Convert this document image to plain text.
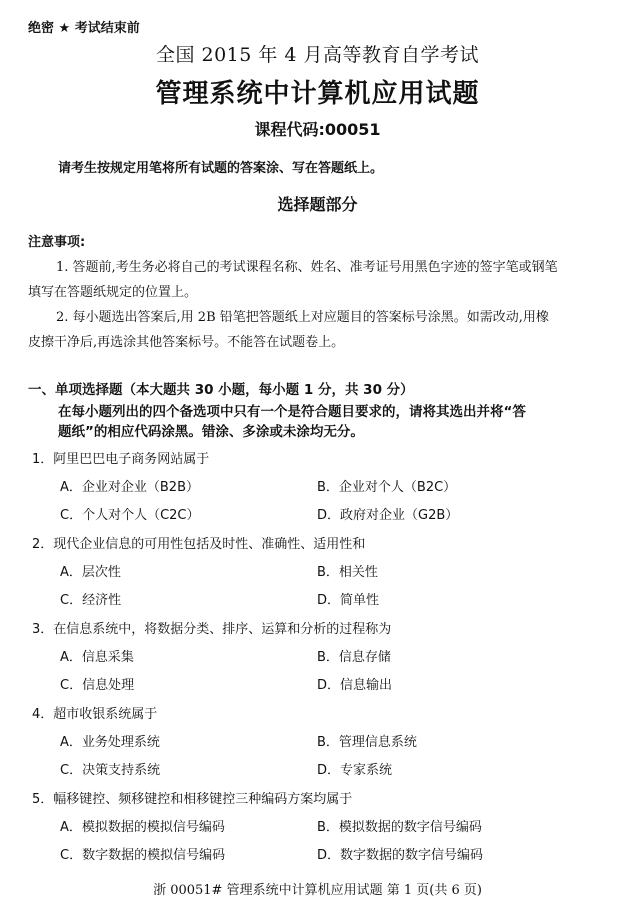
绝密 ★ 考试结束前
全国 2015 年 4 月高等教育自学考试
管理系统中计算机应用试题
课程代码:00051
请考生按规定用笔将所有试题的答案涂、写在答题纸上。
选择题部分
注意事项:
1. 答题前,考生务必将自己的考试课程名称、姓名、准考证号用黑色字迹的签字笔或钢笔
填写在答题纸规定的位置上。
2. 每小题选出答案后,用 2B 铅笔把答题纸上对应题目的答案标号涂黑。如需改动,用橡
皮擦干净后,再选涂其他答案标号。不能答在试题卷上。
一、单项选择题（本大题共 30 小题，每小题 1 分，共 30 分）
在每小题列出的四个备选项中只有一个是符合题目要求的，请将其选出并将“答
题纸”的相应代码涂黑。错涂、多涂或未涂均无分。
1．阿里巴巴电子商务网站属于
A．企业对企业（B2B）	B．企业对个人（B2C）
C．个人对个人（C2C）	D．政府对企业（G2B）
2．现代企业信息的可用性包括及时性、准确性、适用性和
A．层次性	B．相关性
C．经济性	D．简单性
3．在信息系统中，将数据分类、排序、运算和分析的过程称为
A．信息采集	B．信息存储
C．信息处理	D．信息输出
4．超市收银系统属于
A．业务处理系统	B．管理信息系统
C．决策支持系统	D．专家系统
5．幅移键控、频移键控和相移键控三种编码方案均属于
A．模拟数据的模拟信号编码	B．模拟数据的数字信号编码
C．数字数据的模拟信号编码	D．数字数据的数字信号编码
浙 00051# 管理系统中计算机应用试题 第 1 页(共 6 页)
